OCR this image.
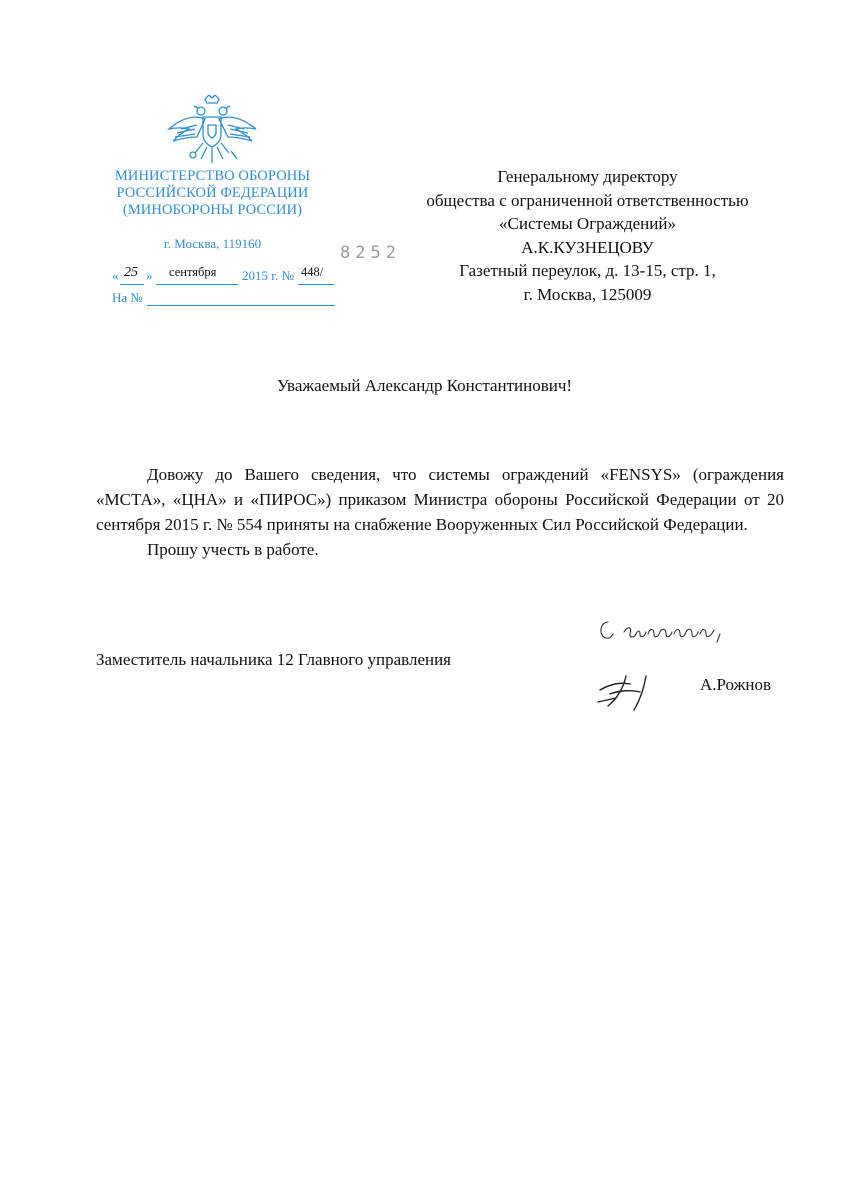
МИНИСТЕРСТВО ОБОРОНЫ
РОССИЙСКОЙ ФЕДЕРАЦИИ
(МИНОБОРОНЫ РОССИИ)
г. Москва, 119160
« 25 » сентября 2015 г. № 448/
8252
На №
Генеральному директору
общества с ограниченной ответственностью
«Системы Ограждений»
А.К.КУЗНЕЦОВУ
Газетный переулок, д. 13-15, стр. 1,
г. Москва, 125009
Уважаемый Александр Константинович!

Довожу до Вашего сведения, что системы ограждений «FENSYS» (ограждения «МСТА», «ЦНА» и «ПИРОС») приказом Министра обороны Российской Федерации от 20 сентября 2015 г. № 554 приняты на снабжение Вооруженных Сил Российской Федерации.

Прошу учесть в работе.

Заместитель начальника 12 Главного управления
А.Рожнов
